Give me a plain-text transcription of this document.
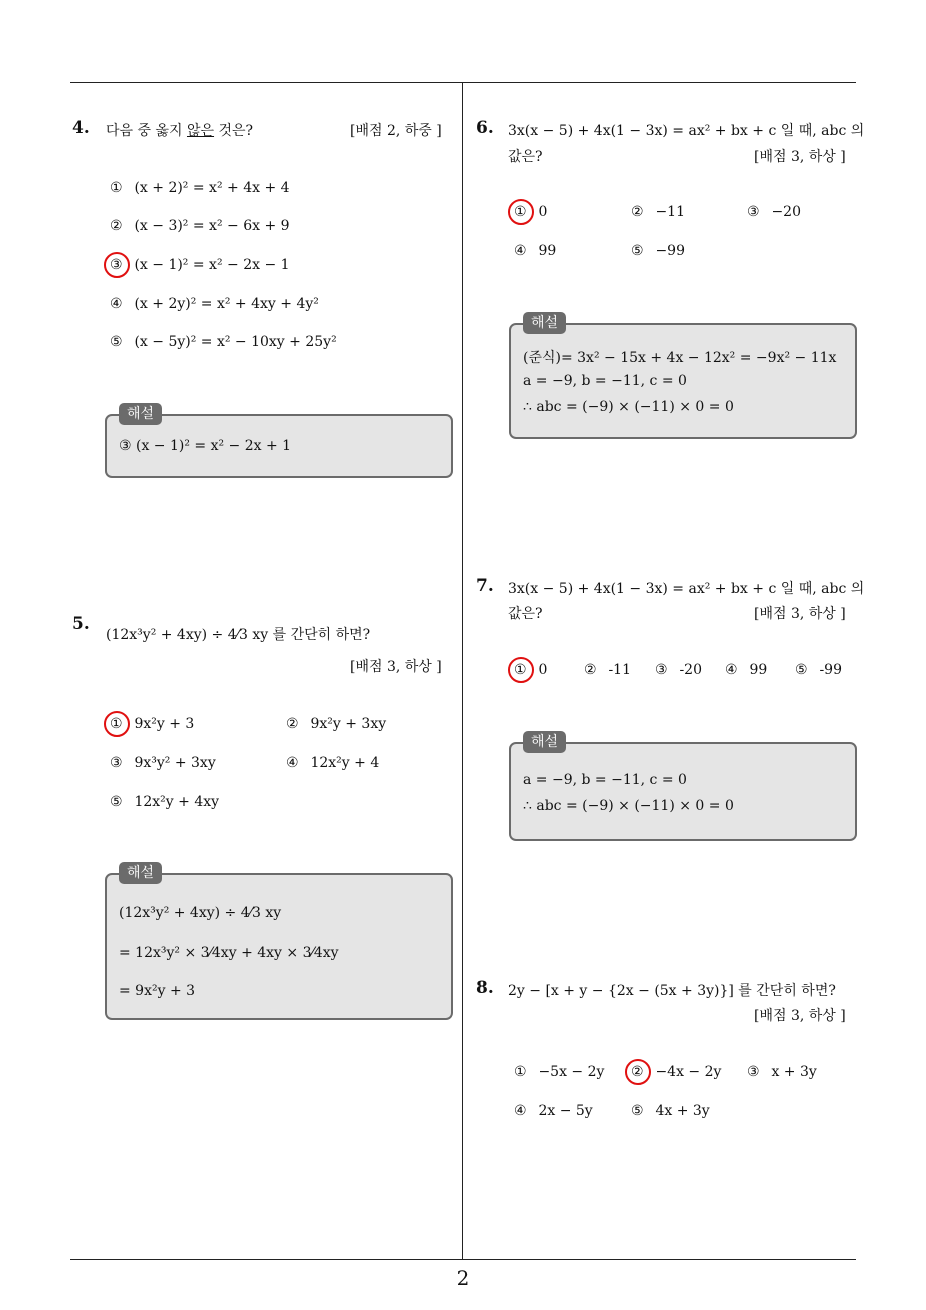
2
4. 다음 중 옳지 않은 것은?	[배점 2, 하중 ]
① (x + 2)² = x² + 4x + 4
② (x − 3)² = x² − 6x + 9
③ (x − 1)² = x² − 2x − 1
④ (x + 2y)² = x² + 4xy + 4y²
⑤ (x − 5y)² = x² − 10xy + 25y²
③ (x − 1)² = x² − 2x + 1
해설
5.
(12x³y² + 4xy) ÷ 4⁄3 xy 를 간단히 하면?
[배점 3, 하상 ]
① 9x²y + 3	② 9x²y + 3xy
③ 9x³y² + 3xy	④ 12x²y + 4
⑤ 12x²y + 4xy
(12x³y² + 4xy) ÷ 4⁄3 xy
= 12x³y² × 3⁄4xy + 4xy × 3⁄4xy
= 9x²y + 3
해설
6. 3x(x − 5) + 4x(1 − 3x) = ax² + bx + c 일 때, abc 의
값은?	[배점 3, 하상 ]
① 0	② −11	③ −20
④ 99	⑤ −99
(준식)= 3x² − 15x + 4x − 12x² = −9x² − 11x
a = −9, b = −11, c = 0
∴ abc = (−9) × (−11) × 0 = 0
해설
7. 3x(x − 5) + 4x(1 − 3x) = ax² + bx + c 일 때, abc 의
값은?	[배점 3, 하상 ]
① 0	② -11 ③ -20 ④ 99 ⑤ -99
a = −9, b = −11, c = 0
∴ abc = (−9) × (−11) × 0 = 0
해설
8. 2y − [x + y − {2x − (5x + 3y)}] 를 간단히 하면?
[배점 3, 하상 ]
① −5x − 2y ② −4x − 2y ③ x + 3y
④ 2x − 5y	⑤ 4x + 3y
